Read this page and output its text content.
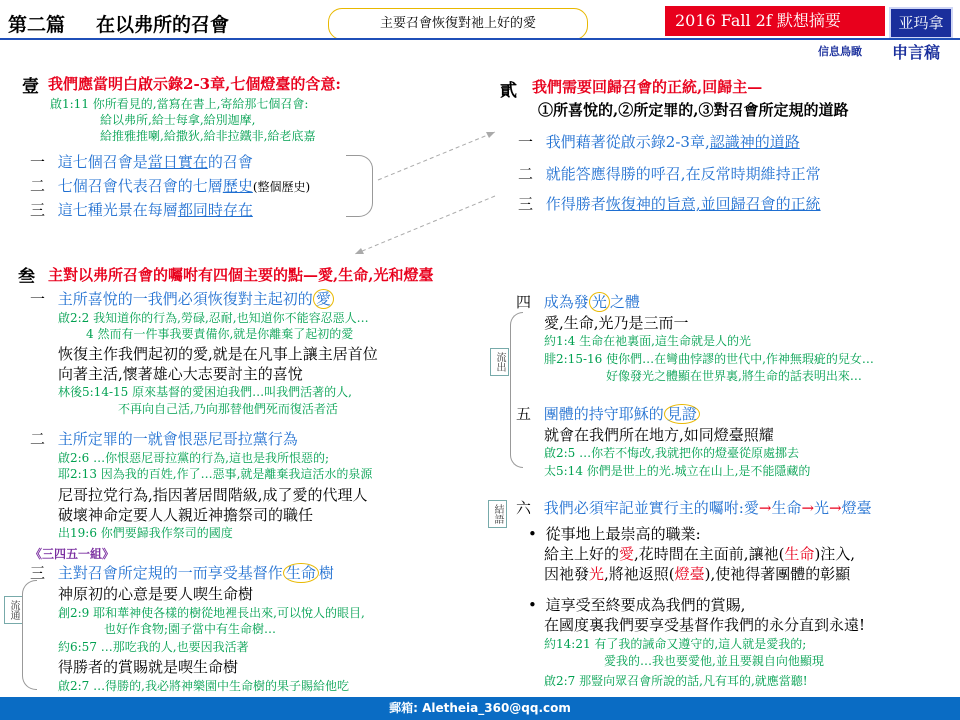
第二篇 在以弗所的召會	主要召會恢復對祂上好的愛	2016 Fall 2f 默想摘要	亚玛拿
信息鳥瞰 申言稿
壹 我們應當明白啟示錄2-3章,七個燈臺的含意:
啟1:11 你所看見的,當寫在書上,寄給那七個召會:
給以弗所,給士每拿,給別迦摩,
給推雅推喇,給撒狄,給非拉鐵非,給老底嘉
一 這七個召會是當日實在的召會
二 七個召會代表召會的七層歷史(整個歷史)
三 這七種光景在每層都同時存在
貳 我們需要回歸召會的正統,回歸主—
①所喜悅的,②所定罪的,③對召會所定規的道路
一 我們藉著從啟示錄2-3章,認識神的道路
二 就能答應得勝的呼召,在反常時期維持正常
三 作得勝者恢復神的旨意,並回歸召會的正統
叁 主對以弗所召會的囑咐有四個主要的點—愛,生命,光和燈臺
一 主所喜悅的一我們必須恢復對主起初的 愛
啟2:2 我知道你的行為,勞碌,忍耐,也知道你不能容忍惡人…
4 然而有一件事我要責備你,就是你離棄了起初的愛
恢復主作我們起初的愛,就是在凡事上讓主居首位
向著主活,懷著雄心大志要討主的喜悅
林後5:14-15 原來基督的愛困迫我們…叫我們活著的人,
不再向自己活,乃向那替他們死而復活者活
二 主所定罪的一就會恨惡尼哥拉黨行為
啟2:6 …你恨惡尼哥拉黨的行為,這也是我所恨惡的;
耶2:13 因為我的百姓,作了…惡事,就是離棄我這活水的泉源
尼哥拉党行為,指因著居間階級,成了愛的代理人
破壞神命定要人人親近神擔祭司的職任
出19:6 你們要歸我作祭司的國度
《三四五一組》
三 主對召會所定規的一而享受基督作 生命 樹
神原初的心意是要人喫生命樹
創2:9 耶和華神使各樣的樹從地裡長出來,可以悅人的眼目,
也好作食物;園子當中有生命樹…
約6:57 …那吃我的人,也要因我活著
得勝者的賞賜就是喫生命樹
啟2:7 …得勝的,我必將神樂園中生命樹的果子賜給他吃
流通
四 成為發 光 之體
愛,生命,光乃是三而一
約1:4 生命在祂裏面,這生命就是人的光
腓2:15-16 使你們…在彎曲悖謬的世代中,作神無瑕疵的兒女…
好像發光之體顯在世界裏,將生命的話表明出來…
流出
五 團體的持守耶穌的 見證
就會在我們所在地方,如同燈臺照耀
啟2:5 …你若不悔改,我就把你的燈臺從原處挪去
太5:14 你們是世上的光.城立在山上,是不能隱藏的
結語 六 我們必須牢記並實行主的囑咐:愛→生命→光→燈臺
• 從事地上最崇高的職業:
給主上好的愛,花時間在主面前,讓祂(生命)注入,
因祂發光,將祂返照(燈臺),使祂得著團體的彰顯
• 這享受至終要成為我們的賞賜,
在國度裏我們要享受基督作我們的永分直到永遠!
約14:21 有了我的誡命又遵守的,這人就是愛我的;
愛我的…我也要愛他,並且要親自向他顯現
啟2:7 那豎向眾召會所說的話,凡有耳的,就應當聽!
郵箱: Aletheia_360@qq.com
